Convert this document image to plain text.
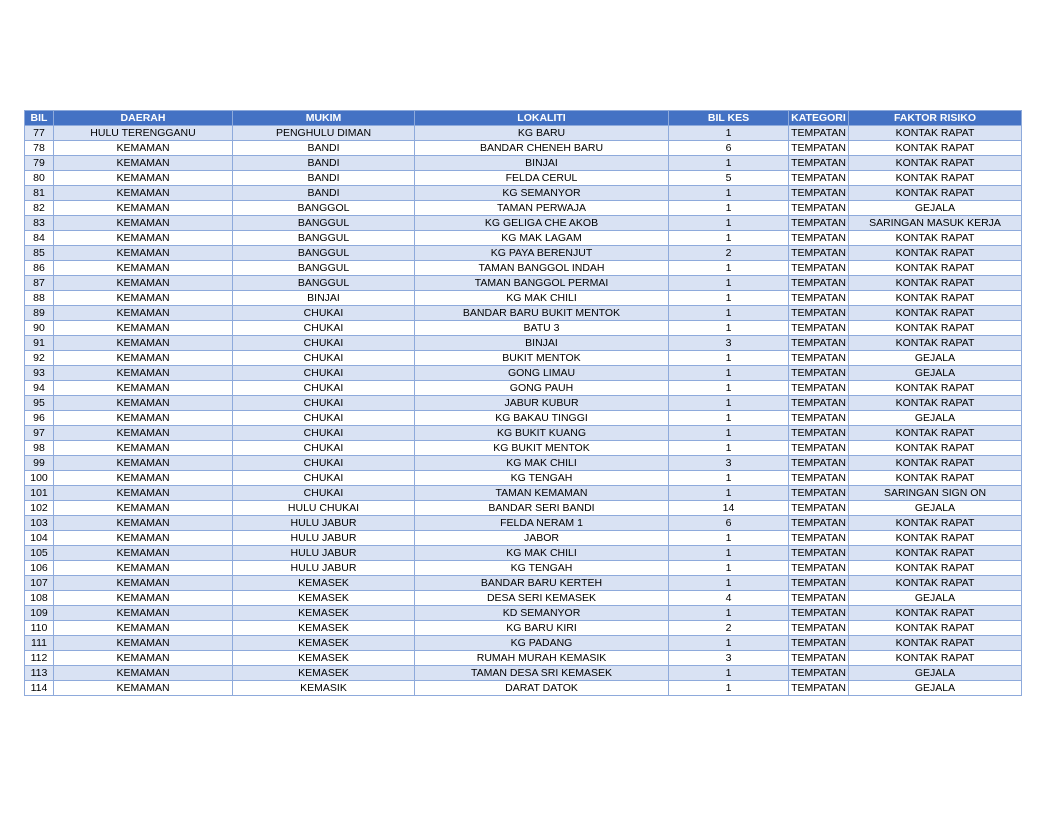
BIL	DAERAH	MUKIM	LOKALITI	BIL KES	KATEGORI	FAKTOR RISIKO
77	HULU TERENGGANU	PENGHULU DIMAN	KG BARU	1	TEMPATAN	KONTAK RAPAT
78	KEMAMAN	BANDI	BANDAR CHENEH BARU	6	TEMPATAN	KONTAK RAPAT
79	KEMAMAN	BANDI	BINJAI	1	TEMPATAN	KONTAK RAPAT
80	KEMAMAN	BANDI	FELDA CERUL	5	TEMPATAN	KONTAK RAPAT
81	KEMAMAN	BANDI	KG SEMANYOR	1	TEMPATAN	KONTAK RAPAT
82	KEMAMAN	BANGGOL	TAMAN PERWAJA	1	TEMPATAN	GEJALA
83	KEMAMAN	BANGGUL	KG GELIGA CHE AKOB	1	TEMPATAN	SARINGAN MASUK KERJA
84	KEMAMAN	BANGGUL	KG MAK LAGAM	1	TEMPATAN	KONTAK RAPAT
85	KEMAMAN	BANGGUL	KG PAYA BERENJUT	2	TEMPATAN	KONTAK RAPAT
86	KEMAMAN	BANGGUL	TAMAN BANGGOL INDAH	1	TEMPATAN	KONTAK RAPAT
87	KEMAMAN	BANGGUL	TAMAN BANGGOL PERMAI	1	TEMPATAN	KONTAK RAPAT
88	KEMAMAN	BINJAI	KG MAK CHILI	1	TEMPATAN	KONTAK RAPAT
89	KEMAMAN	CHUKAI	BANDAR BARU BUKIT MENTOK	1	TEMPATAN	KONTAK RAPAT
90	KEMAMAN	CHUKAI	BATU 3	1	TEMPATAN	KONTAK RAPAT
91	KEMAMAN	CHUKAI	BINJAI	3	TEMPATAN	KONTAK RAPAT
92	KEMAMAN	CHUKAI	BUKIT MENTOK	1	TEMPATAN	GEJALA
93	KEMAMAN	CHUKAI	GONG LIMAU	1	TEMPATAN	GEJALA
94	KEMAMAN	CHUKAI	GONG PAUH	1	TEMPATAN	KONTAK RAPAT
95	KEMAMAN	CHUKAI	JABUR KUBUR	1	TEMPATAN	KONTAK RAPAT
96	KEMAMAN	CHUKAI	KG BAKAU TINGGI	1	TEMPATAN	GEJALA
97	KEMAMAN	CHUKAI	KG BUKIT KUANG	1	TEMPATAN	KONTAK RAPAT
98	KEMAMAN	CHUKAI	KG BUKIT MENTOK	1	TEMPATAN	KONTAK RAPAT
99	KEMAMAN	CHUKAI	KG MAK CHILI	3	TEMPATAN	KONTAK RAPAT
100	KEMAMAN	CHUKAI	KG TENGAH	1	TEMPATAN	KONTAK RAPAT
101	KEMAMAN	CHUKAI	TAMAN KEMAMAN	1	TEMPATAN	SARINGAN SIGN ON
102	KEMAMAN	HULU CHUKAI	BANDAR SERI BANDI	14	TEMPATAN	GEJALA
103	KEMAMAN	HULU JABUR	FELDA NERAM 1	6	TEMPATAN	KONTAK RAPAT
104	KEMAMAN	HULU JABUR	JABOR	1	TEMPATAN	KONTAK RAPAT
105	KEMAMAN	HULU JABUR	KG MAK CHILI	1	TEMPATAN	KONTAK RAPAT
106	KEMAMAN	HULU JABUR	KG TENGAH	1	TEMPATAN	KONTAK RAPAT
107	KEMAMAN	KEMASEK	BANDAR BARU KERTEH	1	TEMPATAN	KONTAK RAPAT
108	KEMAMAN	KEMASEK	DESA SERI KEMASEK	4	TEMPATAN	GEJALA
109	KEMAMAN	KEMASEK	KD SEMANYOR	1	TEMPATAN	KONTAK RAPAT
110	KEMAMAN	KEMASEK	KG BARU KIRI	2	TEMPATAN	KONTAK RAPAT
111	KEMAMAN	KEMASEK	KG PADANG	1	TEMPATAN	KONTAK RAPAT
112	KEMAMAN	KEMASEK	RUMAH MURAH KEMASIK	3	TEMPATAN	KONTAK RAPAT
113	KEMAMAN	KEMASEK	TAMAN DESA SRI KEMASEK	1	TEMPATAN	GEJALA
114	KEMAMAN	KEMASIK	DARAT DATOK	1	TEMPATAN	GEJALA
